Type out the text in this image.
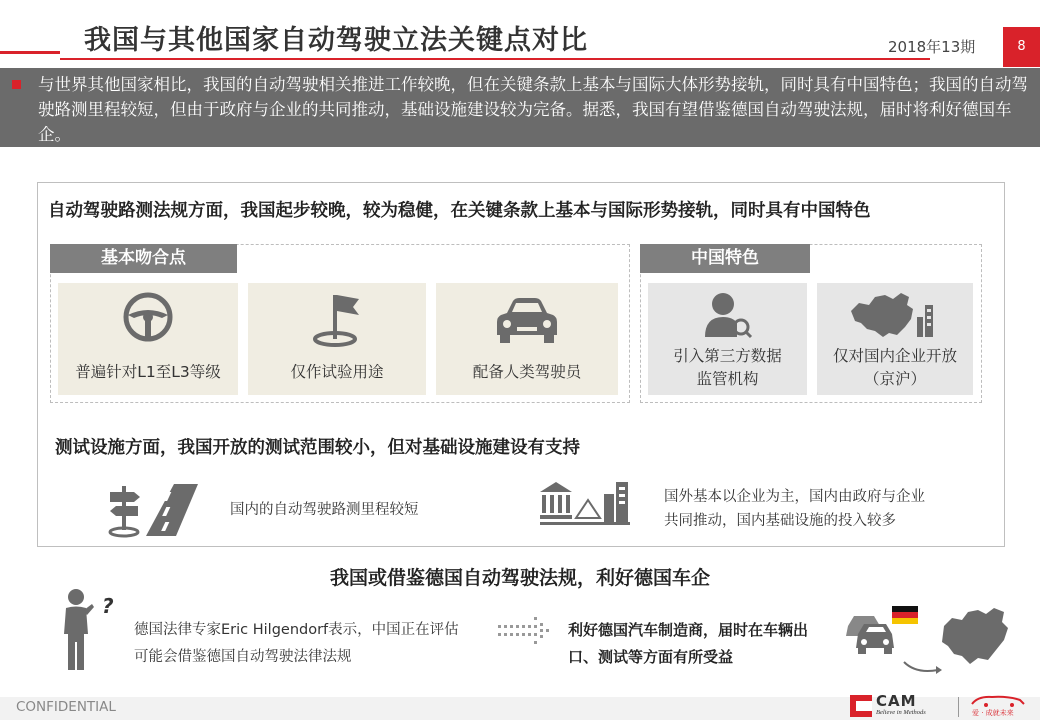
我国与其他国家自动驾驶立法关键点对比	2018年13期	8
与世界其他国家相比，我国的自动驾驶相关推进工作较晚，但在关键条款上基本与国际大体形势接轨，同时具有中国特色；我国的自动驾驶路测里程较短，但由于政府与企业的共同推动，基础设施建设较为完备。据悉，我国有望借鉴德国自动驾驶法规，届时将利好德国车企。
自动驾驶路测法规方面，我国起步较晚，较为稳健，在关键条款上基本与国际形势接轨，同时具有中国特色
基本吻合点
普遍针对L1至L3等级	仅作试验用途	配备人类驾驶员
中国特色
引入第三方数据
监管机构
仅对国内企业开放
（京沪）
测试设施方面，我国开放的测试范围较小，但对基础设施建设有支持
国内的自动驾驶路测里程较短
国外基本以企业为主，国内由政府与企业
共同推动，国内基础设施的投入较多
我国或借鉴德国自动驾驶法规，利好德国车企
?
德国法律专家Eric Hilgendorf表示，中国正在评估
可能会借鉴德国自动驾驶法律法规
利好德国汽车制造商，届时在车辆出
口、测试等方面有所受益
CONFIDENTIAL	CAM
Believe in Methods	爱 · 成就未来
